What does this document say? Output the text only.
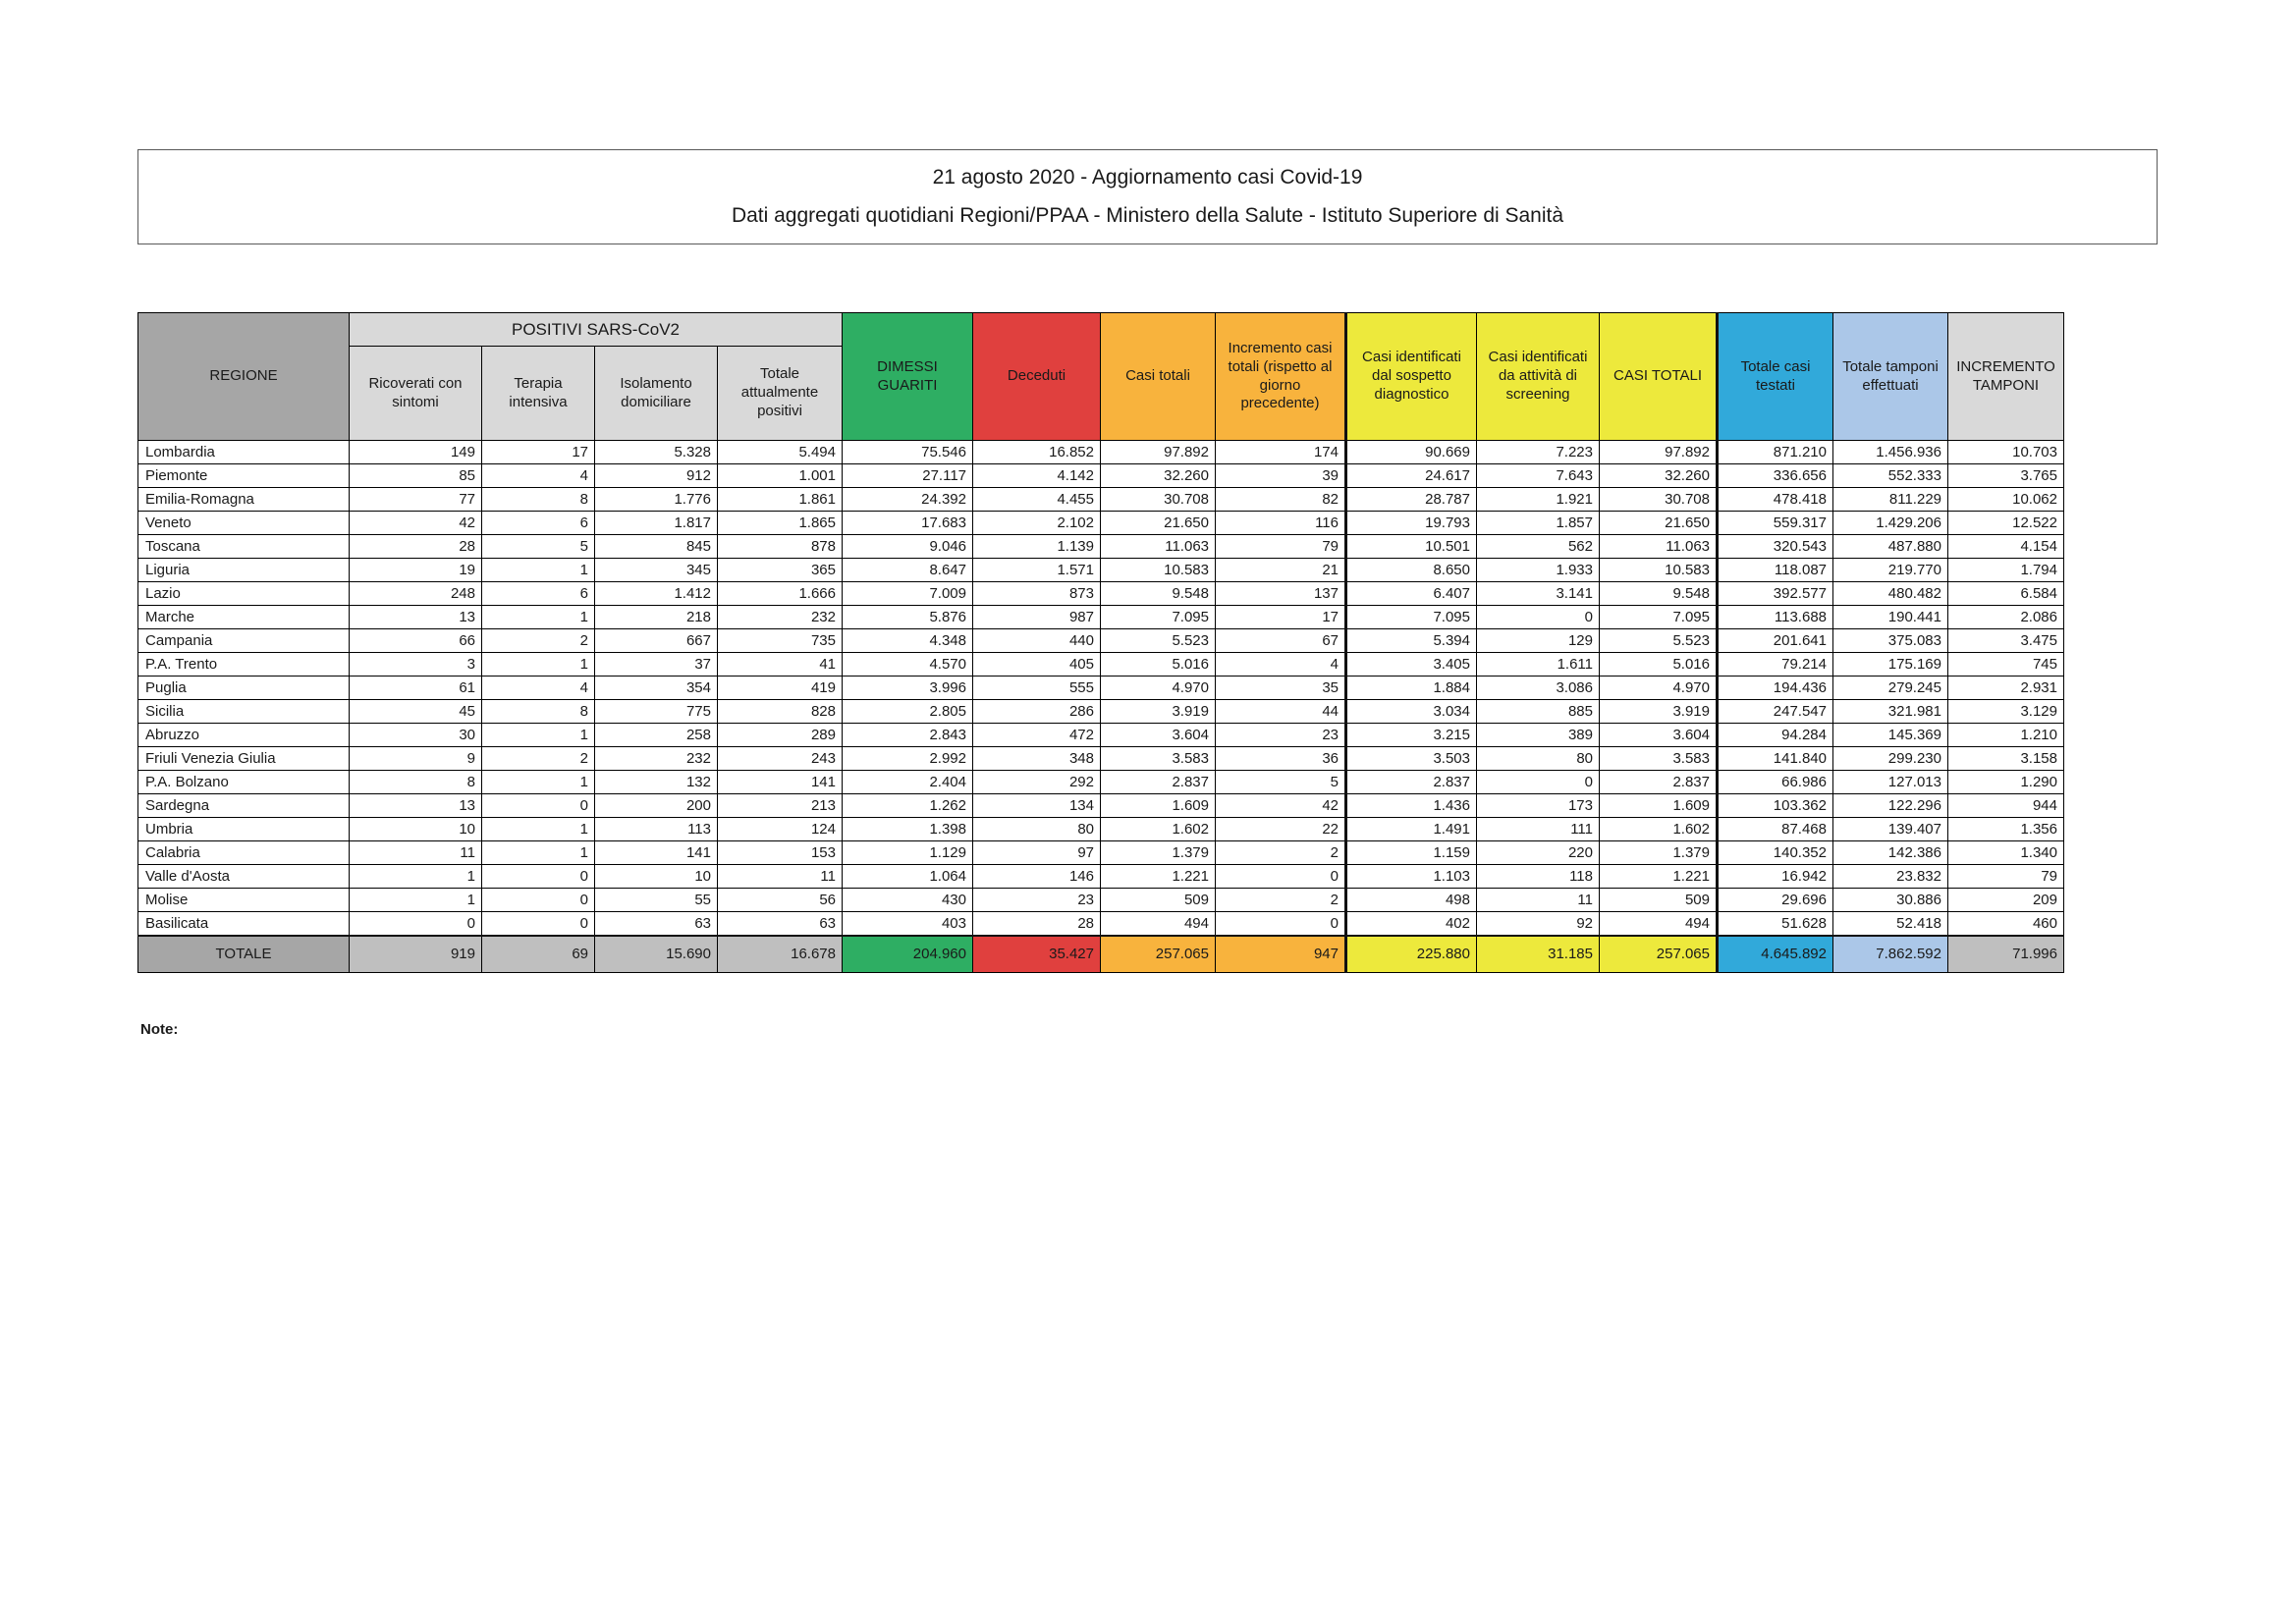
21 agosto 2020 - Aggiornamento casi Covid-19
Dati aggregati quotidiani Regioni/PPAA - Ministero della Salute - Istituto Superiore di Sanità
REGIONE	POSITIVI SARS-CoV2				DIMESSI GUARITI	Deceduti	Casi totali	Incremento casi totali (rispetto al giorno precedente)	Casi identificati dal sospetto diagnostico	Casi identificati da attività di screening	CASI TOTALI	Totale casi testati	Totale tamponi effettuati	INCREMENTO TAMPONI
	Ricoverati con sintomi	Terapia intensiva	Isolamento domiciliare	Totale attualmente positivi										
Lombardia	149	17	5.328	5.494	75.546	16.852	97.892	174	90.669	7.223	97.892	871.210	1.456.936	10.703
Piemonte	85	4	912	1.001	27.117	4.142	32.260	39	24.617	7.643	32.260	336.656	552.333	3.765
Emilia-Romagna	77	8	1.776	1.861	24.392	4.455	30.708	82	28.787	1.921	30.708	478.418	811.229	10.062
Veneto	42	6	1.817	1.865	17.683	2.102	21.650	116	19.793	1.857	21.650	559.317	1.429.206	12.522
Toscana	28	5	845	878	9.046	1.139	11.063	79	10.501	562	11.063	320.543	487.880	4.154
Liguria	19	1	345	365	8.647	1.571	10.583	21	8.650	1.933	10.583	118.087	219.770	1.794
Lazio	248	6	1.412	1.666	7.009	873	9.548	137	6.407	3.141	9.548	392.577	480.482	6.584
Marche	13	1	218	232	5.876	987	7.095	17	7.095	0	7.095	113.688	190.441	2.086
Campania	66	2	667	735	4.348	440	5.523	67	5.394	129	5.523	201.641	375.083	3.475
P.A. Trento	3	1	37	41	4.570	405	5.016	4	3.405	1.611	5.016	79.214	175.169	745
Puglia	61	4	354	419	3.996	555	4.970	35	1.884	3.086	4.970	194.436	279.245	2.931
Sicilia	45	8	775	828	2.805	286	3.919	44	3.034	885	3.919	247.547	321.981	3.129
Abruzzo	30	1	258	289	2.843	472	3.604	23	3.215	389	3.604	94.284	145.369	1.210
Friuli Venezia Giulia	9	2	232	243	2.992	348	3.583	36	3.503	80	3.583	141.840	299.230	3.158
P.A. Bolzano	8	1	132	141	2.404	292	2.837	5	2.837	0	2.837	66.986	127.013	1.290
Sardegna	13	0	200	213	1.262	134	1.609	42	1.436	173	1.609	103.362	122.296	944
Umbria	10	1	113	124	1.398	80	1.602	22	1.491	111	1.602	87.468	139.407	1.356
Calabria	11	1	141	153	1.129	97	1.379	2	1.159	220	1.379	140.352	142.386	1.340
Valle d'Aosta	1	0	10	11	1.064	146	1.221	0	1.103	118	1.221	16.942	23.832	79
Molise	1	0	55	56	430	23	509	2	498	11	509	29.696	30.886	209
Basilicata	0	0	63	63	403	28	494	0	402	92	494	51.628	52.418	460
TOTALE	919	69	15.690	16.678	204.960	35.427	257.065	947	225.880	31.185	257.065	4.645.892	7.862.592	71.996
Note:
